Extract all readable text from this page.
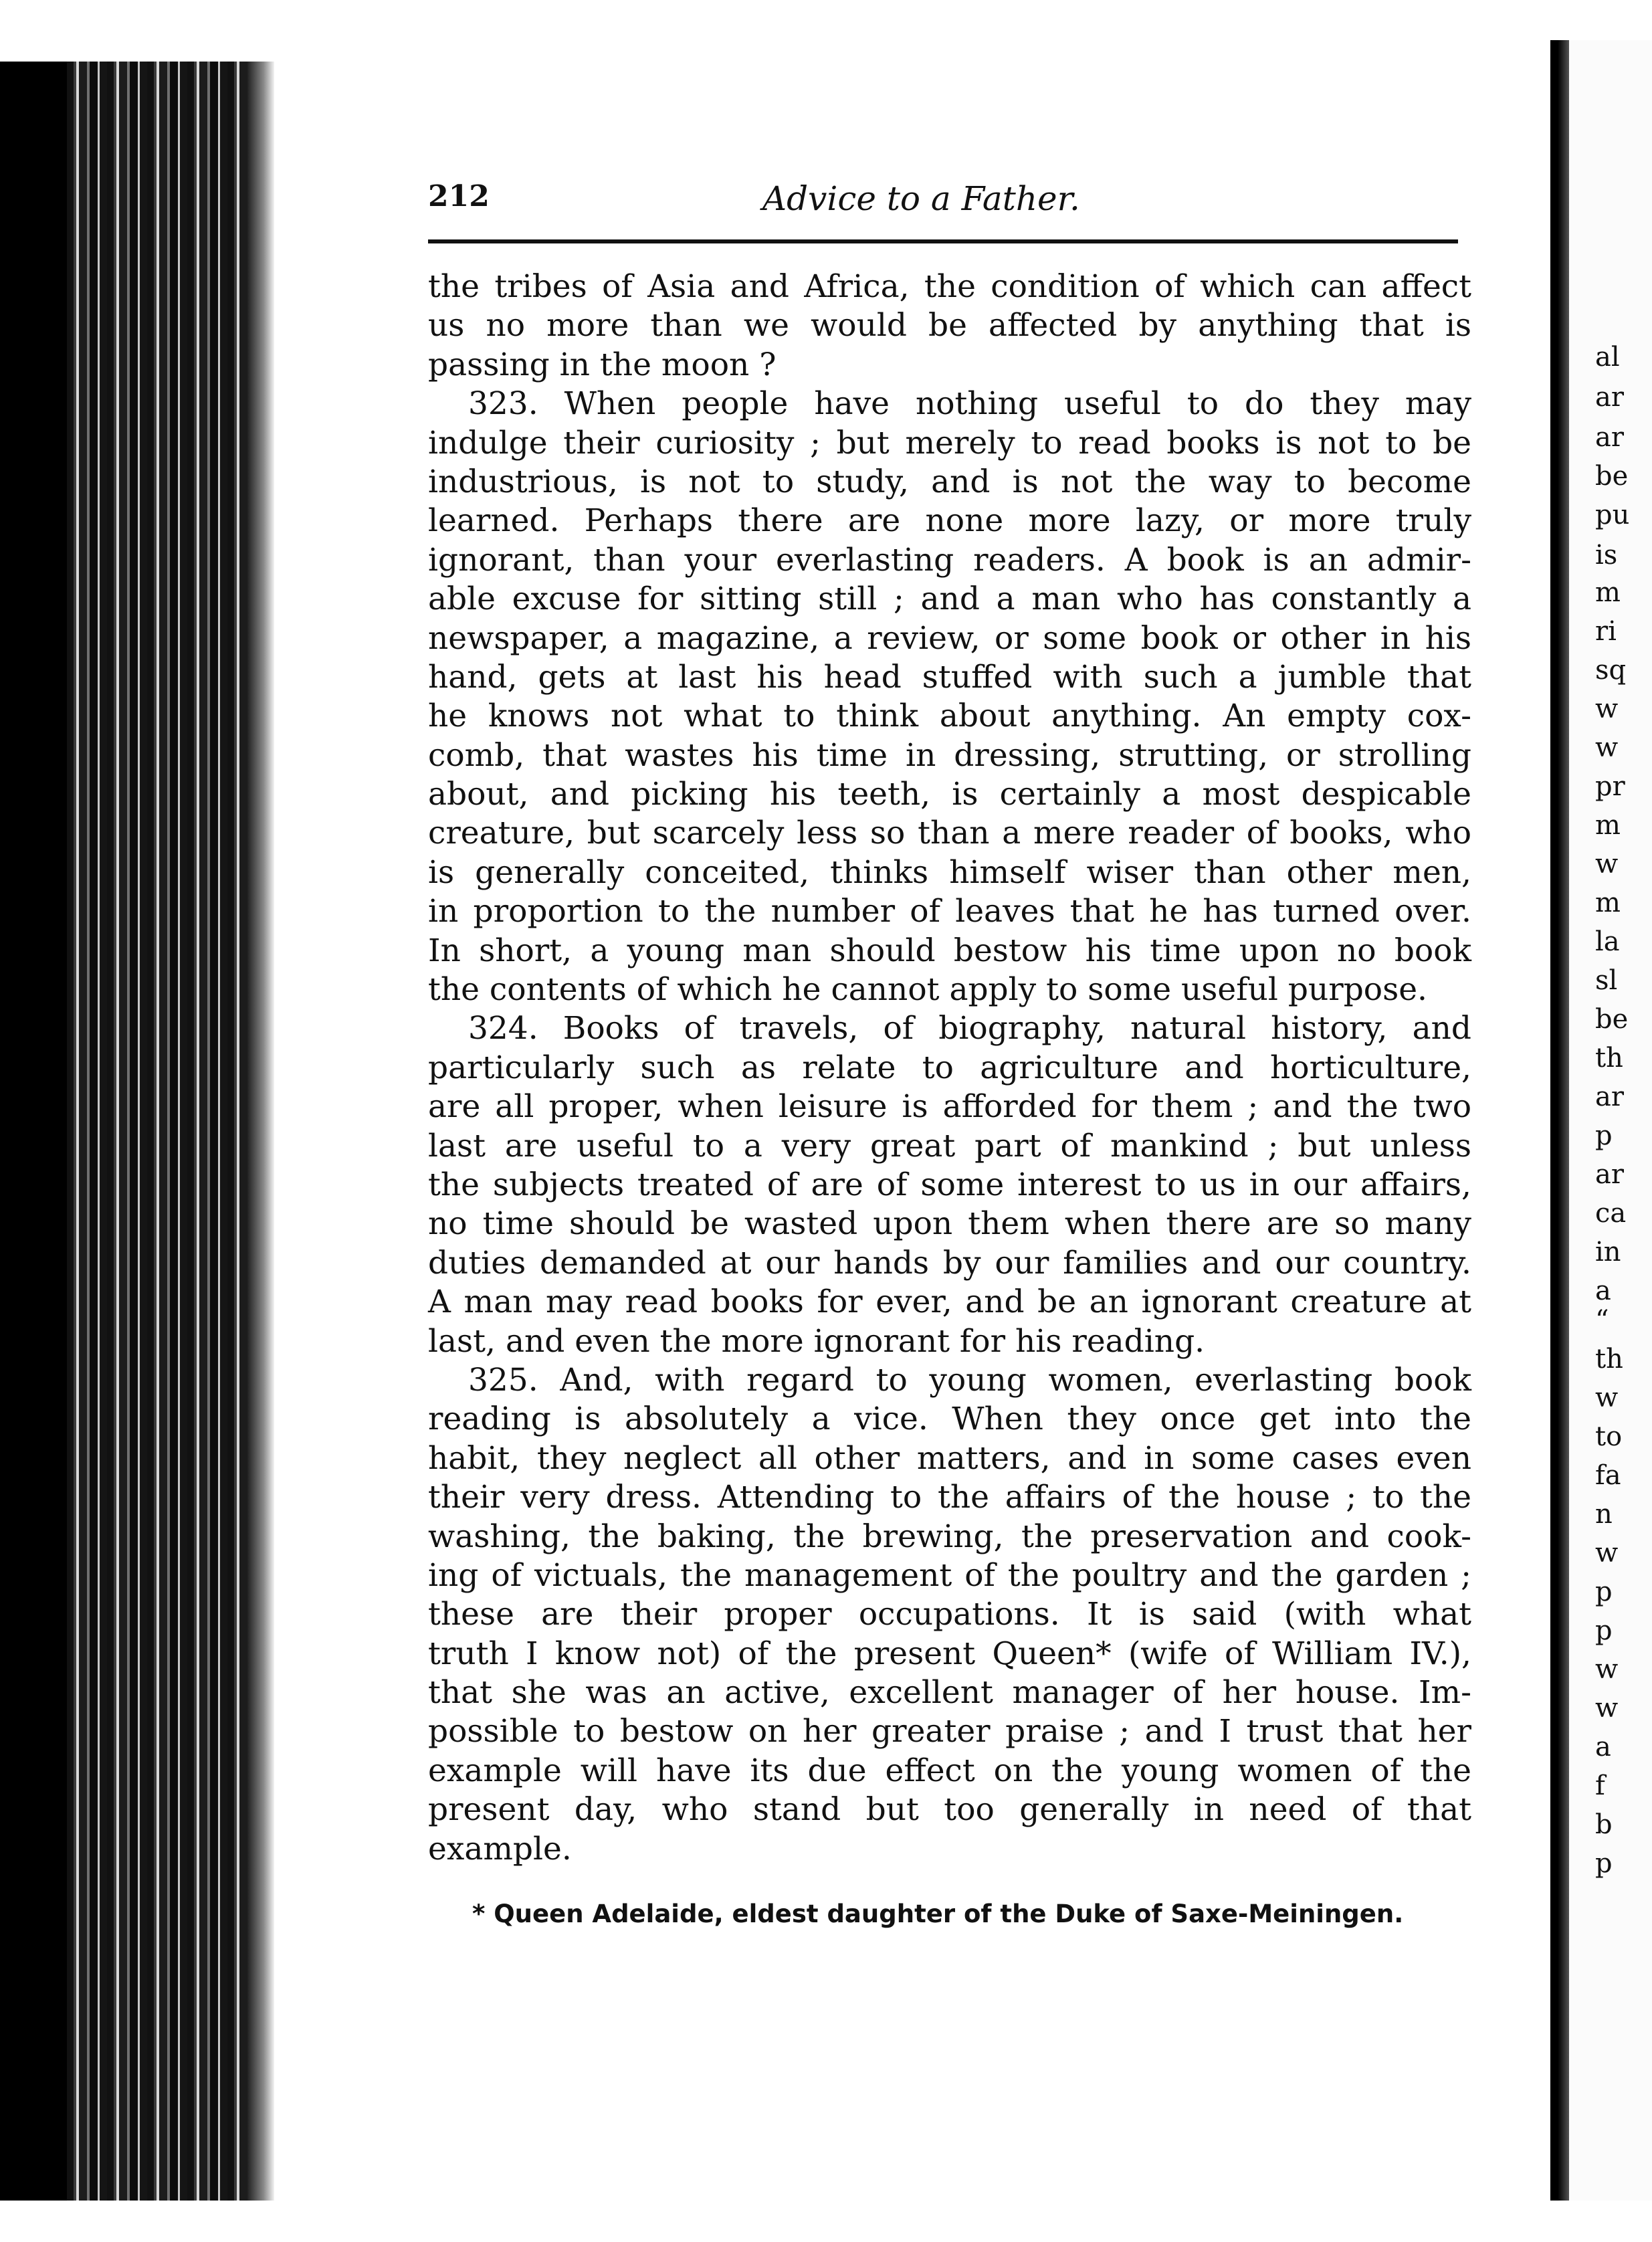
212	Advice to a Father.
the tribes of Asia and Africa, the condition of which can affect
us no more than we would be affected by anything that is
passing in the moon ?
323. When people have nothing useful to do they may
indulge their curiosity ; but merely to read books is not to be
industrious, is not to study, and is not the way to become
learned. Perhaps there are none more lazy, or more truly
ignorant, than your everlasting readers. A book is an admir-
able excuse for sitting still ; and a man who has constantly a
newspaper, a magazine, a review, or some book or other in his
hand, gets at last his head stuffed with such a jumble that
he knows not what to think about anything. An empty cox-
comb, that wastes his time in dressing, strutting, or strolling
about, and picking his teeth, is certainly a most despicable
creature, but scarcely less so than a mere reader of books, who
is generally conceited, thinks himself wiser than other men,
in proportion to the number of leaves that he has turned over.
In short, a young man should bestow his time upon no book
the contents of which he cannot apply to some useful purpose.
324. Books of travels, of biography, natural history, and
particularly such as relate to agriculture and horticulture,
are all proper, when leisure is afforded for them ; and the two
last are useful to a very great part of mankind ; but unless
the subjects treated of are of some interest to us in our affairs,
no time should be wasted upon them when there are so many
duties demanded at our hands by our families and our country.
A man may read books for ever, and be an ignorant creature at
last, and even the more ignorant for his reading.
325. And, with regard to young women, everlasting book
reading is absolutely a vice. When they once get into the
habit, they neglect all other matters, and in some cases even
their very dress. Attending to the affairs of the house ; to the
washing, the baking, the brewing, the preservation and cook-
ing of victuals, the management of the poultry and the garden ;
these are their proper occupations. It is said (with what
truth I know not) of the present Queen* (wife of William IV.),
that she was an active, excellent manager of her house. Im-
possible to bestow on her greater praise ; and I trust that her
example will have its due effect on the young women of the
present day, who stand but too generally in need of that
example.
* Queen Adelaide, eldest daughter of the Duke of Saxe-Meiningen.
al
ar
ar
be
pu
is
m
ri
sq
w
w
pr
m
w
m
la
sl
be
th
ar
p
ar
ca
in
a
“
th
w
to
fa
n
w
p
p
w
w
a
f
b
p
